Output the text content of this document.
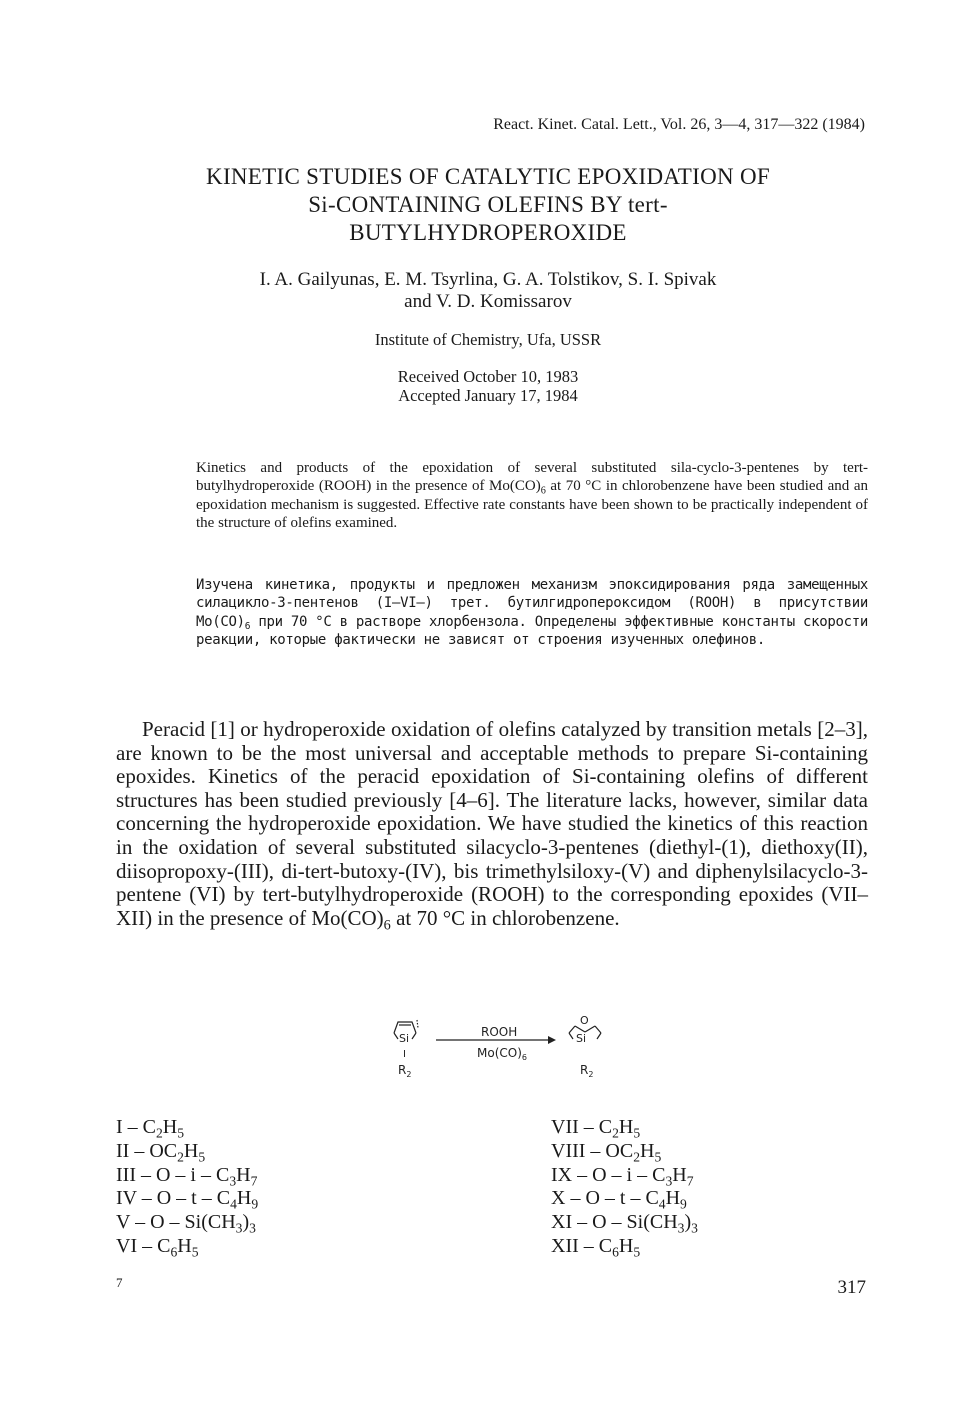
React. Kinet. Catal. Lett., Vol. 26, 3—4, 317—322 (1984)
KINETIC STUDIES OF CATALYTIC EPOXIDATION OF
Si-CONTAINING OLEFINS BY tert-
BUTYLHYDROPEROXIDE
I. A. Gailyunas, E. M. Tsyrlina, G. A. Tolstikov, S. I. Spivak
and V. D. Komissarov
Institute of Chemistry, Ufa, USSR
Received October 10, 1983
Accepted January 17, 1984
Kinetics and products of the epoxidation of several substituted sila-cyclo-3-pentenes by tert-butylhydroperoxide (ROOH) in the presence of $Mo(CO)_6$ at 70 °C in chlorobenzene have been studied and an epoxidation mechanism is suggested. Effective rate constants have been shown to be practically independent of the structure of olefins examined.
Изучена кинетика, продукты и предложен механизм эпоксидирования ряда замещенных силацикло-3-пентенов (I—VI—) трет. бутилгидропероксидом (ROOH) в присутствии $Mo(CO)_6$ при 70 °C в растворе хлорбензола. Определены эффективные константы скорости реакции, которые фактически не зависят от строения изученных олефинов.
Peracid [1] or hydroperoxide oxidation of olefins catalyzed by transition metals [2–3], are known to be the most universal and acceptable methods to prepare Si-containing epoxides. Kinetics of the peracid epoxidation of Si-containing olefins of different structures has been studied previously [4–6]. The literature lacks, however, similar data concerning the hydroperoxide epoxidation. We have studied the kinetics of this reaction in the oxidation of several substituted silacyclo-3-pentenes (diethyl-(1), diethoxy(II), diisopropoxy-(III), di-tert-butoxy-(IV), bis trimethylsiloxy-(V) and diphenylsilacyclo-3-pentene (VI) by tert-butylhydroperoxide (ROOH) to the corresponding epoxides (VII–XII) in the presence of $Mo(CO)_6$ at 70 °C in chlorobenzene.
Si
I
$R_2$
ROOH
$Mo(CO)_6$
O
Si
$R_2$
I – $C_2H_5$
II – $OC_2H_5$
III – O – i – $C_3H_7$
IV – O – t – $C_4H_9$
V – O – $Si(CH_3)_3$
VI – $C_6H_5$
VII – $C_2H_5$
VIII – $OC_2H_5$
IX – O – i – $C_3H_7$
X – O – t – $C_4H_9$
XI – O – $Si(CH_3)_3$
XII – $C_6H_5$
7	317
